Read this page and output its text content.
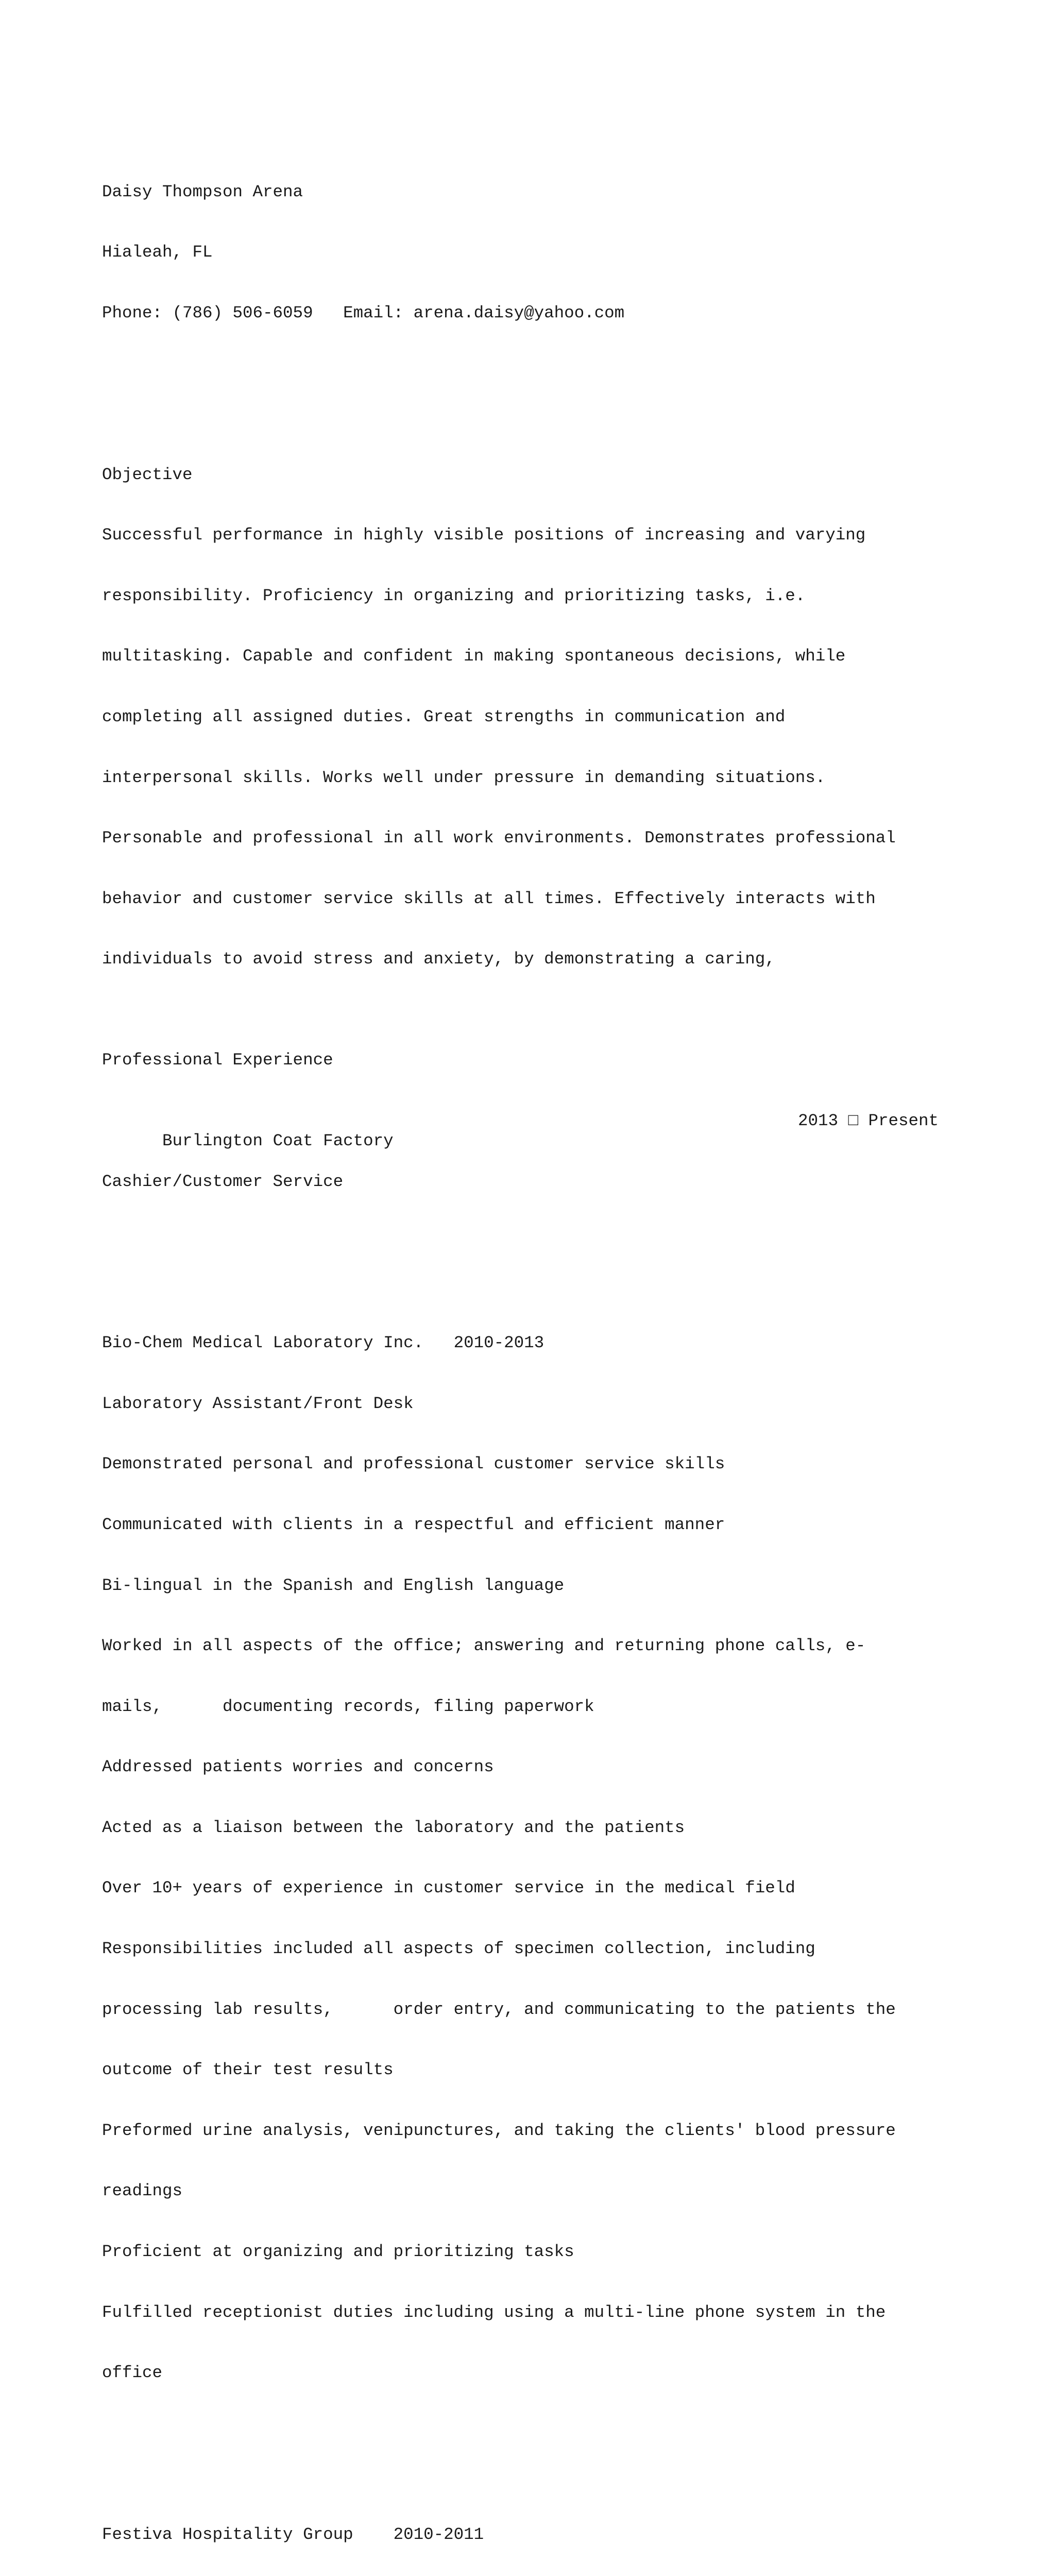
Daisy Thompson Arena

Hialeah, FL

Phone: (786) 506-6059   Email: arena.daisy@yahoo.com

Objective

Successful performance in highly visible positions of increasing and varying

responsibility. Proficiency in organizing and prioritizing tasks, i.e.

multitasking. Capable and confident in making spontaneous decisions, while

completing all assigned duties. Great strengths in communication and

interpersonal skills. Works well under pressure in demanding situations.

Personable and professional in all work environments. Demonstrates professional

behavior and customer service skills at all times. Effectively interacts with

individuals to avoid stress and anxiety, by demonstrating a caring,

Professional Experience

Burlington Coat Factory

2013 □ Present

Cashier/Customer Service

Bio-Chem Medical Laboratory Inc.   2010-2013

Laboratory Assistant/Front Desk

Demonstrated personal and professional customer service skills

Communicated with clients in a respectful and efficient manner

Bi-lingual in the Spanish and English language

Worked in all aspects of the office; answering and returning phone calls, e-

mails,      documenting records, filing paperwork

Addressed patients worries and concerns

Acted as a liaison between the laboratory and the patients

Over 10+ years of experience in customer service in the medical field

Responsibilities included all aspects of specimen collection, including

processing lab results,      order entry, and communicating to the patients the

outcome of their test results

Preformed urine analysis, venipunctures, and taking the clients' blood pressure

readings

Proficient at organizing and prioritizing tasks

Fulfilled receptionist duties including using a multi-line phone system in the

office

Festiva Hospitality Group    2010-2011
